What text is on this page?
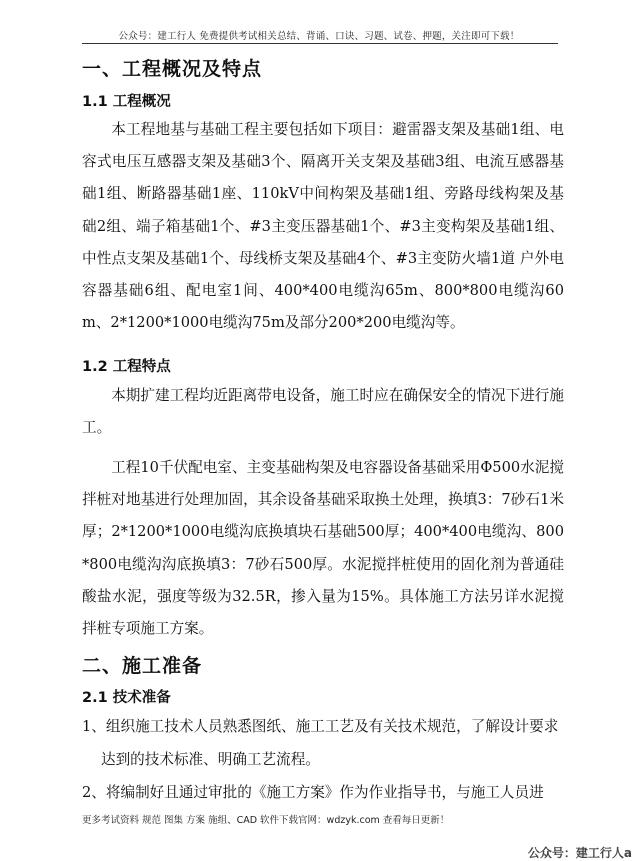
公众号：建工行人 免费提供考试相关总结、背诵、口诀、习题、试卷、押题，关注即可下载！
一、工程概况及特点
1.1 工程概况
本工程地基与基础工程主要包括如下项目：避雷器支架及基础1组、电容式电压互感器支架及基础3个、隔离开关支架及基础3组、电流互感器基础1组、断路器基础1座、110kV中间构架及基础1组、旁路母线构架及基础2组、端子箱基础1个、#3主变压器基础1个、#3主变构架及基础1组、中性点支架及基础1个、母线桥支架及基础4个、#3主变防火墙1道 户外电容器基础6组、配电室1间、400*400电缆沟65m、800*800电缆沟60m、2*1200*1000电缆沟75m及部分200*200电缆沟等。
1.2 工程特点
本期扩建工程均近距离带电设备，施工时应在确保安全的情况下进行施工。
工程10千伏配电室、主变基础构架及电容器设备基础采用Φ500水泥搅拌桩对地基进行处理加固，其余设备基础采取换土处理，换填3：7砂石1米厚；2*1200*1000电缆沟底换填块石基础500厚；400*400电缆沟、800*800电缆沟沟底换填3：7砂石500厚。水泥搅拌桩使用的固化剂为普通硅酸盐水泥，强度等级为32.5R，掺入量为15%。具体施工方法另详水泥搅拌桩专项施工方案。
二、施工准备
2.1 技术准备

1、组织施工技术人员熟悉图纸、施工工艺及有关技术规范，了解设计要求达到的技术标准、明确工艺流程。

2、将编制好且通过审批的《施工方案》作为作业指导书，与施工人员进

更多考试资料 规范 图集 方案 施组、CAD 软件下载官网：wdzyk.com 查看每日更新！
公众号：建工行人a
